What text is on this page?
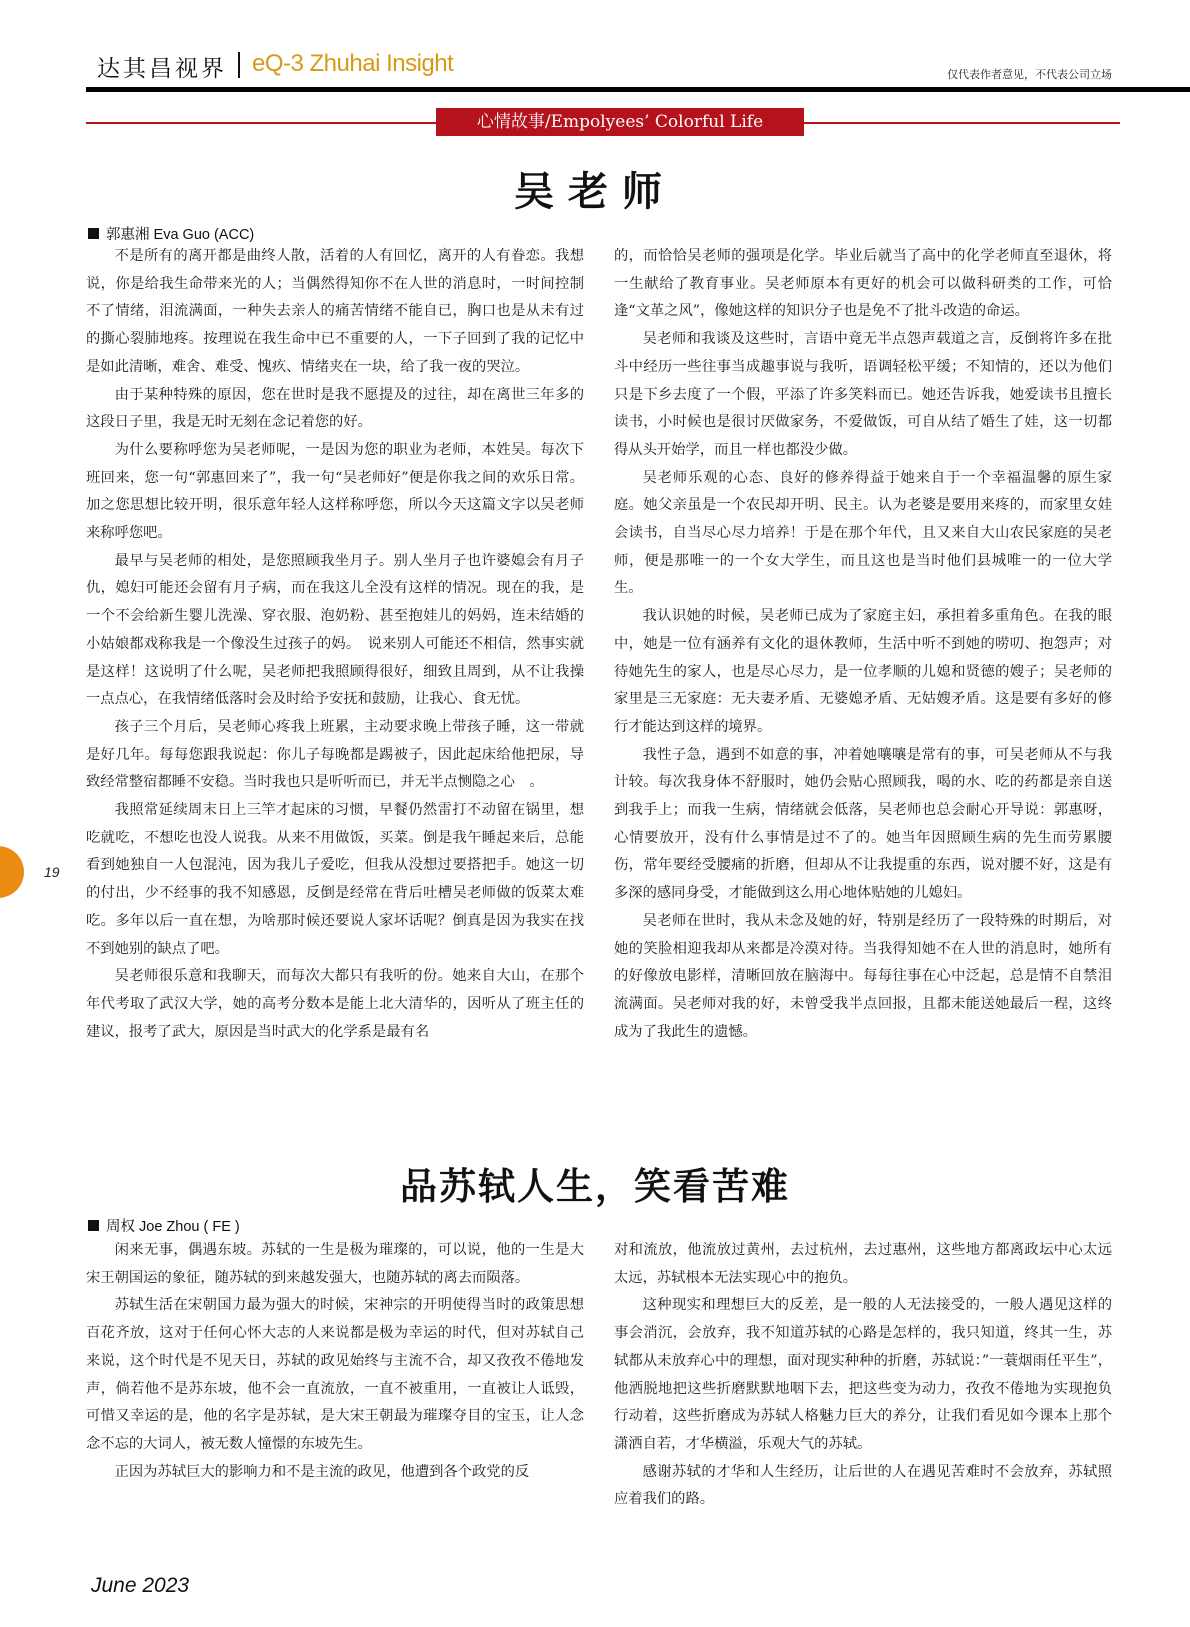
达其昌视界 eQ-3 Zhuhai Insight	仅代表作者意见，不代表公司立场
心情故事/Empolyees’ Colorful Life
吴老师
郭惠湘 Eva Guo (ACC)

不是所有的离开都是曲终人散，活着的人有回忆，离开的人有眷恋。我想说，你是给我生命带来光的人；当偶然得知你不在人世的消息时，一时间控制不了情绪，泪流满面，一种失去亲人的痛苦情绪不能自已，胸口也是从未有过的撕心裂肺地疼。按理说在我生命中已不重要的人，一下子回到了我的记忆中是如此清晰，难舍、难受、愧疚、情绪夹在一块，给了我一夜的哭泣。

由于某种特殊的原因，您在世时是我不愿提及的过往，却在离世三年多的这段日子里，我是无时无刻在念记着您的好。

为什么要称呼您为吴老师呢，一是因为您的职业为老师，本姓吴。每次下班回来，您一句“郭惠回来了”，我一句“吴老师好”便是你我之间的欢乐日常。加之您思想比较开明，很乐意年轻人这样称呼您，所以今天这篇文字以吴老师来称呼您吧。

最早与吴老师的相处，是您照顾我坐月子。别人坐月子也许婆媳会有月子仇，媳妇可能还会留有月子病，而在我这儿全没有这样的情况。现在的我，是一个不会给新生婴儿洗澡、穿衣服、泡奶粉、甚至抱娃儿的妈妈，连未结婚的小姑娘都戏称我是一个像没生过孩子的妈。　说来别人可能还不相信，然事实就是这样！这说明了什么呢，吴老师把我照顾得很好，细致且周到，从不让我操一点点心，在我情绪低落时会及时给予安抚和鼓励，让我心、食无忧。

孩子三个月后，吴老师心疼我上班累，主动要求晚上带孩子睡，这一带就是好几年。每每您跟我说起：你儿子每晚都是踢被子，因此起床给他把尿，导致经常整宿都睡不安稳。当时我也只是听听而已，并无半点恻隐之心　。

我照常延续周末日上三竿才起床的习惯，早餐仍然雷打不动留在锅里，想吃就吃，不想吃也没人说我。从来不用做饭，买菜。倒是我午睡起来后，总能看到她独自一人包混沌，因为我儿子爱吃，但我从没想过要搭把手。她这一切的付出，少不经事的我不知感恩，反倒是经常在背后吐槽吴老师做的饭菜太难吃。多年以后一直在想，为啥那时候还要说人家坏话呢？倒真是因为我实在找不到她别的缺点了吧。

吴老师很乐意和我聊天，而每次大都只有我听的份。她来自大山，在那个年代考取了武汉大学，她的高考分数本是能上北大清华的，因听从了班主任的建议，报考了武大，原因是当时武大的化学系是最有名

的，而恰恰吴老师的强项是化学。毕业后就当了高中的化学老师直至退休，将一生献给了教育事业。吴老师原本有更好的机会可以做科研类的工作，可恰逢“文革之风”，像她这样的知识分子也是免不了批斗改造的命运。

吴老师和我谈及这些时，言语中竟无半点怨声载道之言，反倒将许多在批斗中经历一些往事当成趣事说与我听，语调轻松平缓；不知情的，还以为他们只是下乡去度了一个假，平添了许多笑料而已。她还告诉我，她爱读书且擅长读书，小时候也是很讨厌做家务，不爱做饭，可自从结了婚生了娃，这一切都得从头开始学，而且一样也都没少做。

吴老师乐观的心态、良好的修养得益于她来自于一个幸福温馨的原生家庭。她父亲虽是一个农民却开明、民主。认为老婆是要用来疼的，而家里女娃会读书，自当尽心尽力培养！于是在那个年代，且又来自大山农民家庭的吴老师，便是那唯一的一个女大学生，而且这也是当时他们县城唯一的一位大学生。

我认识她的时候，吴老师已成为了家庭主妇，承担着多重角色。在我的眼中，她是一位有涵养有文化的退休教师，生活中听不到她的唠叨、抱怨声；对待她先生的家人，也是尽心尽力，是一位孝顺的儿媳和贤德的嫂子；吴老师的家里是三无家庭：无夫妻矛盾、无婆媳矛盾、无姑嫂矛盾。这是要有多好的修行才能达到这样的境界。

我性子急，遇到不如意的事，冲着她嚷嚷是常有的事，可吴老师从不与我计较。每次我身体不舒服时，她仍会贴心照顾我，喝的水、吃的药都是亲自送到我手上；而我一生病，情绪就会低落，吴老师也总会耐心开导说：郭惠呀，心情要放开，没有什么事情是过不了的。她当年因照顾生病的先生而劳累腰伤，常年要经受腰痛的折磨，但却从不让我提重的东西，说对腰不好，这是有多深的感同身受，才能做到这么用心地体贴她的儿媳妇。

吴老师在世时，我从未念及她的好，特别是经历了一段特殊的时期后，对她的笑脸相迎我却从来都是冷漠对待。当我得知她不在人世的消息时，她所有的好像放电影样，清晰回放在脑海中。每每往事在心中泛起，总是情不自禁泪流满面。吴老师对我的好，未曾受我半点回报，且都未能送她最后一程，这终成为了我此生的遗憾。

19
品苏轼人生，笑看苦难
周权 Joe Zhou ( FE )

闲来无事，偶遇东坡。苏轼的一生是极为璀璨的，可以说，他的一生是大宋王朝国运的象征，随苏轼的到来越发强大，也随苏轼的离去而陨落。

苏轼生活在宋朝国力最为强大的时候，宋神宗的开明使得当时的政策思想百花齐放，这对于任何心怀大志的人来说都是极为幸运的时代，但对苏轼自己来说，这个时代是不见天日，苏轼的政见始终与主流不合，却又孜孜不倦地发声，倘若他不是苏东坡，他不会一直流放，一直不被重用，一直被让人诋毁，可惜又幸运的是，他的名字是苏轼，是大宋王朝最为璀璨夺目的宝玉，让人念念不忘的大词人，被无数人憧憬的东坡先生。

正因为苏轼巨大的影响力和不是主流的政见，他遭到各个政党的反

对和流放，他流放过黄州，去过杭州，去过惠州，这些地方都离政坛中心太远太远，苏轼根本无法实现心中的抱负。

这种现实和理想巨大的反差，是一般的人无法接受的，一般人遇见这样的事会消沉，会放弃，我不知道苏轼的心路是怎样的，我只知道，终其一生，苏轼都从未放弃心中的理想，面对现实种种的折磨，苏轼说：”一蓑烟雨任平生”，他洒脱地把这些折磨默默地咽下去，把这些变为动力，孜孜不倦地为实现抱负行动着，这些折磨成为苏轼人格魅力巨大的养分，让我们看见如今课本上那个潇洒自若，才华横溢，乐观大气的苏轼。

感谢苏轼的才华和人生经历，让后世的人在遇见苦难时不会放弃，苏轼照应着我们的路。

June 2023
